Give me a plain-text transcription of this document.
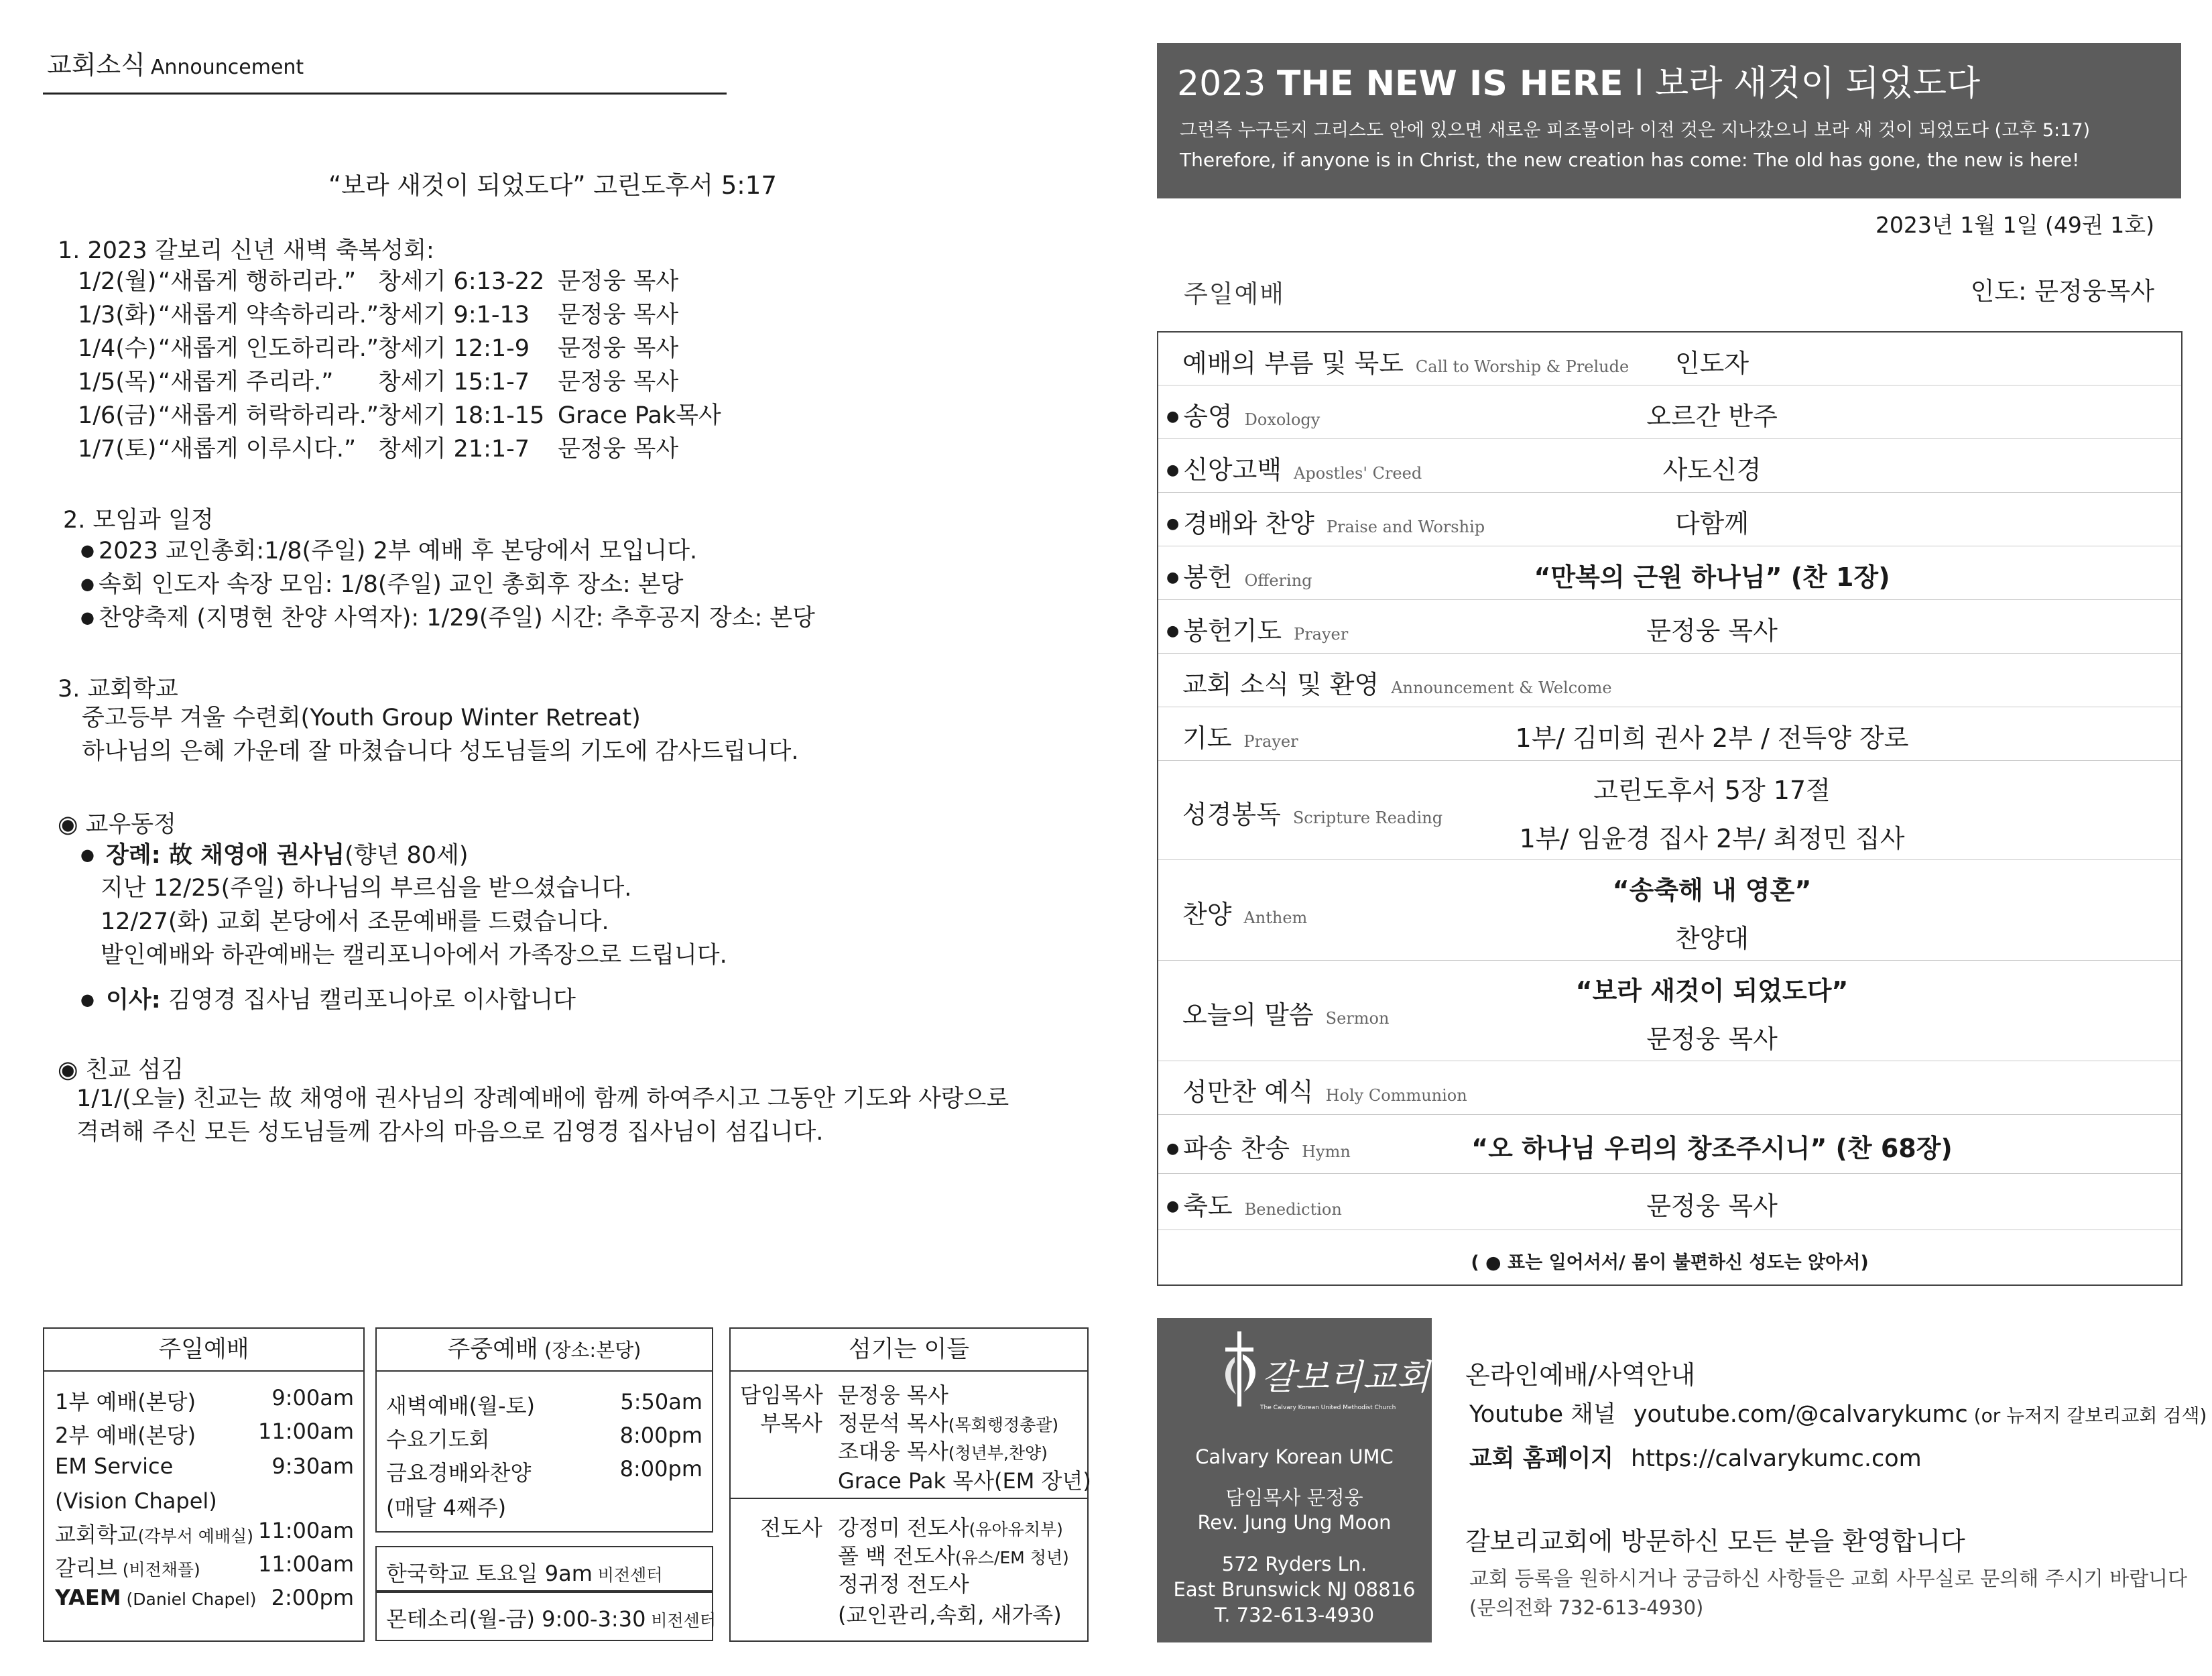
교회소식 Announcement
“보라 새것이 되었도다” 고린도후서 5:17
1. 2023 갈보리 신년 새벽 축복성회:
1/2(월) “새롭게 행하리라.” 창세기 6:13-22 문정웅 목사
1/3(화) “새롭게 약속하리라.” 창세기 9:1-13 문정웅 목사
1/4(수) “새롭게 인도하리라.” 창세기 12:1-9 문정웅 목사
1/5(목) “새롭게 주리라.” 창세기 15:1-7 문정웅 목사
1/6(금) “새롭게 허락하리라.” 창세기 18:1-15 Grace Pak목사
1/7(토) “새롭게 이루시다.” 창세기 21:1-7 문정웅 목사
2. 모임과 일정
● 2023 교인총회:1/8(주일) 2부 예배 후 본당에서 모입니다.
● 속회 인도자 속장 모임: 1/8(주일) 교인 총회후 장소: 본당
● 찬양축제 (지명현 찬양 사역자): 1/29(주일) 시간: 추후공지 장소: 본당
3. 교회학교
중고등부 겨울 수련회(Youth Group Winter Retreat)
하나님의 은혜 가운데 잘 마쳤습니다 성도님들의 기도에 감사드립니다.
◉ 교우동정
● 장례: 故 채영애 권사님(향년 80세)
지난 12/25(주일) 하나님의 부르심을 받으셨습니다.
12/27(화) 교회 본당에서 조문예배를 드렸습니다.
발인예배와 하관예배는 캘리포니아에서 가족장으로 드립니다.
● 이사: 김영경 집사님 캘리포니아로 이사합니다
◉ 친교 섬김
1/1/(오늘) 친교는 故 채영애 권사님의 장례예배에 함께 하여주시고 그동안 기도와 사랑으로
격려해 주신 모든 성도님들께 감사의 마음으로 김영경 집사님이 섬깁니다.
주일예배
1부 예배(본당)	9:00am
2부 예배(본당)	11:00am
EM Service	9:30am
(Vision Chapel)
교회학교(각부서 예배실) 11:00am
갈리브 (비전채플)	11:00am
YAEM (Daniel Chapel) 2:00pm
주중예배 (장소:본당)
새벽예배(월-토)	5:50am
수요기도회	8:00pm
금요경배와찬양	8:00pm
(매달 4째주)
한국학교 토요일 9am 비전센터
몬테소리(월-금) 9:00-3:30 비전센터
섬기는 이들
담임목사 문정웅 목사
부목사 정문석 목사(목회행정총괄)
조대웅 목사(청년부,찬양)
Grace Pak 목사(EM 장년)
전도사 강정미 전도사(유아유치부)
폴 백 전도사(유스/EM 청년)
정귀정 전도사
(교인관리,속회, 새가족)
2023 THE NEW IS HERE l 보라 새것이 되었도다
그런즉 누구든지 그리스도 안에 있으면 새로운 피조물이라 이전 것은 지나갔으니 보라 새 것이 되었도다 (고후 5:17)
Therefore, if anyone is in Christ, the new creation has come: The old has gone, the new is here!
2023년 1월 1일 (49권 1호)
주일예배	인도: 문정웅목사
예배의 부름 및 묵도 Call to Worship & Prelude	인도자
● 송영 Doxology	오르간 반주
● 신앙고백 Apostles' Creed	사도신경
● 경배와 찬양 Praise and Worship	다함께
● 봉헌 Offering	“만복의 근원 하나님” (찬 1장)
● 봉헌기도 Prayer	문정웅 목사
교회 소식 및 환영 Announcement & Welcome
기도 Prayer	1부/ 김미희 권사 2부 / 전득양 장로
성경봉독 Scripture Reading
고린도후서 5장 17절
1부/ 임윤경 집사 2부/ 최정민 집사
찬양 Anthem
“송축해 내 영혼”
찬양대
오늘의 말씀 Sermon
“보라 새것이 되었도다”
문정웅 목사
성만찬 예식 Holy Communion
● 파송 찬송 Hymn	“오 하나님 우리의 창조주시니” (찬 68장)
● 축도 Benediction	문정웅 목사
( ● 표는 일어서서/ 몸이 불편하신 성도는 앉아서)
갈보리교회
The Calvary Korean United Methodist Church
Calvary Korean UMC
담임목사 문정웅
Rev. Jung Ung Moon
572 Ryders Ln.
East Brunswick NJ 08816
T. 732-613-4930
온라인예배/사역안내
Youtube 채널 youtube.com/@calvarykumc (or 뉴저지 갈보리교회 검색)
교회 홈페이지 https://calvarykumc.com
갈보리교회에 방문하신 모든 분을 환영합니다
교회 등록을 원하시거나 궁금하신 사항들은 교회 사무실로 문의해 주시기 바랍니다
(문의전화 732-613-4930)
